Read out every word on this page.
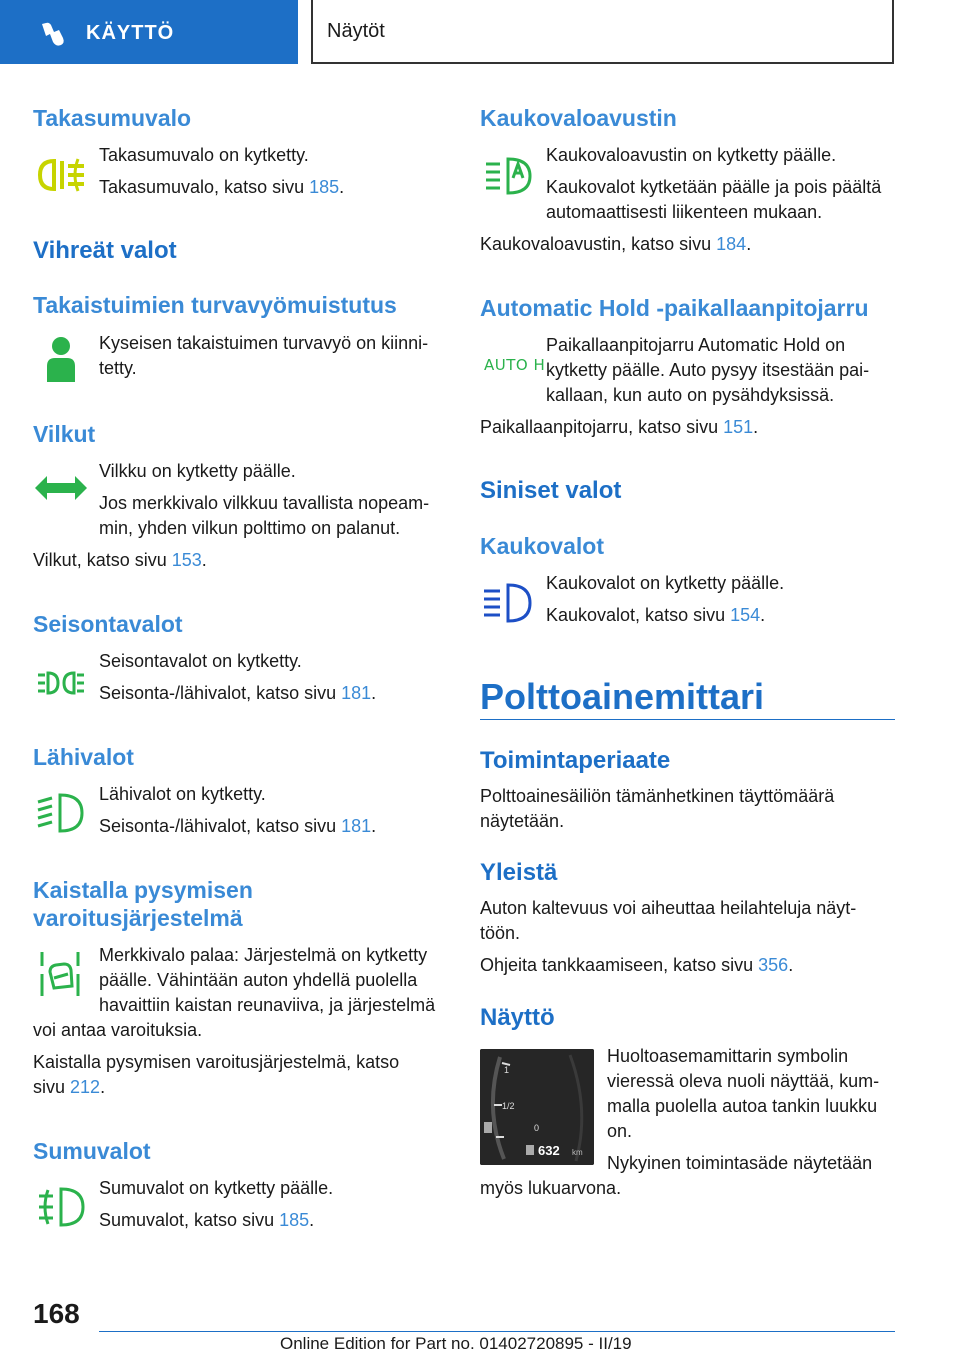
KÄYTTÖ	Näytöt
Takasumuvalo
Takasumuvalo on kytketty.
Takasumuvalo, katso sivu 185.
Vihreät valot
Takaistuimien turvavyömuistutus
Kyseisen takaistuimen turvavyö on kiinni-
tetty.
Vilkut
Vilkku on kytketty päälle.
Jos merkkivalo vilkkuu tavallista nopeam-
min, yhden vilkun polttimo on palanut.
Vilkut, katso sivu 153.
Seisontavalot
Seisontavalot on kytketty.
Seisonta-/lähivalot, katso sivu 181.
Lähivalot
Lähivalot on kytketty.
Seisonta-/lähivalot, katso sivu 181.
Kaistalla pysymisen
varoitusjärjestelmä
Merkkivalo palaa: Järjestelmä on kytketty
päälle. Vähintään auton yhdellä puolella
havaittiin kaistan reunaviiva, ja järjestelmä
voi antaa varoituksia.
Kaistalla pysymisen varoitusjärjestelmä, katso
sivu 212.
Sumuvalot
Sumuvalot on kytketty päälle.
Sumuvalot, katso sivu 185.
Kaukovaloavustin
Kaukovaloavustin on kytketty päälle.
Kaukovalot kytketään päälle ja pois päältä
automaattisesti liikenteen mukaan.
Kaukovaloavustin, katso sivu 184.
Automatic Hold -paikallaanpitojarru
AUTO H
Paikallaanpitojarru Automatic Hold on
kytketty päälle. Auto pysyy itsestään pai-
kallaan, kun auto on pysähdyksissä.
Paikallaanpitojarru, katso sivu 151.
Siniset valot
Kaukovalot
Kaukovalot on kytketty päälle.
Kaukovalot, katso sivu 154.
Polttoainemittari
Toimintaperiaate
Polttoainesäiliön tämänhetkinen täyttömäärä
näytetään.
Yleistä
Auton kaltevuus voi aiheuttaa heilahteluja näyt-
töön.
Ohjeita tankkaamiseen, katso sivu 356.
Näyttö
1
1/2
0
632 km
Huoltoasemamittarin symbolin
vieressä oleva nuoli näyttää, kum-
malla puolella autoa tankin luukku
on.
Nykyinen toimintasäde näytetään
myös lukuarvona.
168
Online Edition for Part no. 01402720895 - II/19
